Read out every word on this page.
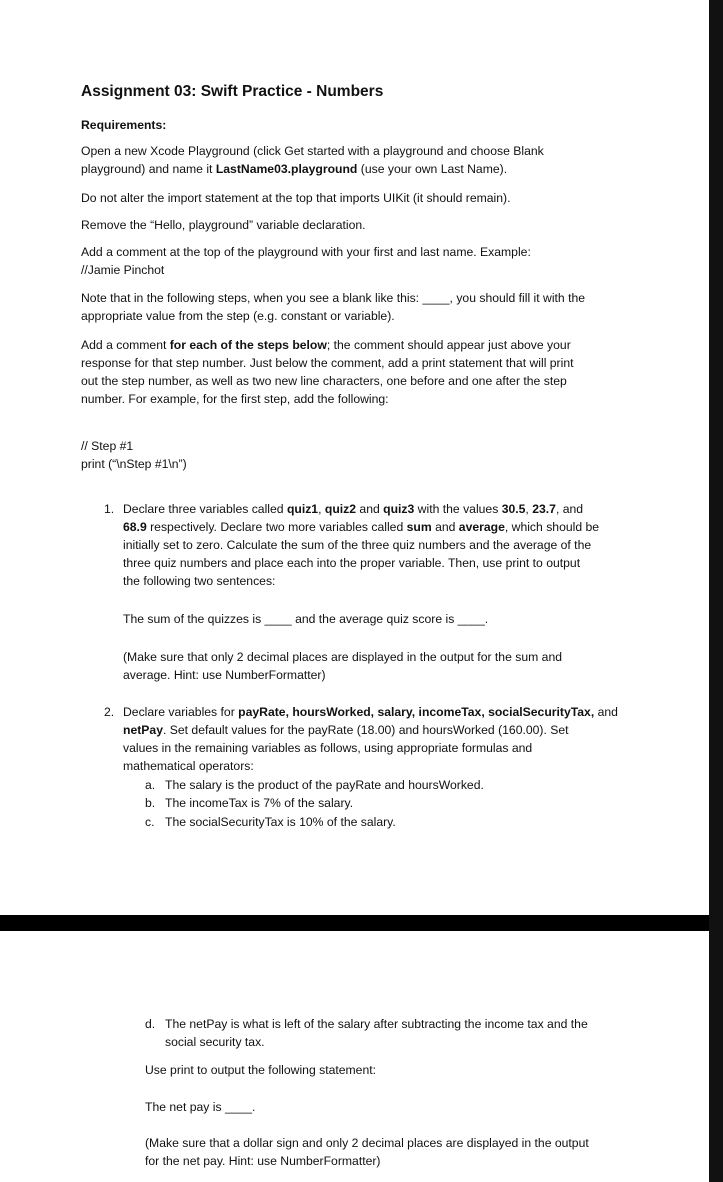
Assignment 03: Swift Practice - Numbers
Requirements:
Open a new Xcode Playground (click Get started with a playground and choose Blank
playground) and name it LastName03.playground (use your own Last Name).
Do not alter the import statement at the top that imports UIKit (it should remain).
Remove the “Hello, playground” variable declaration.
Add a comment at the top of the playground with your first and last name. Example:
//Jamie Pinchot
Note that in the following steps, when you see a blank like this: ____, you should fill it with the
appropriate value from the step (e.g. constant or variable).
Add a comment for each of the steps below; the comment should appear just above your
response for that step number. Just below the comment, add a print statement that will print
out the step number, as well as two new line characters, one before and one after the step
number. For example, for the first step, add the following:
// Step #1
print (“\nStep #1\n”)
1. Declare three variables called quiz1, quiz2 and quiz3 with the values 30.5, 23.7, and
68.9 respectively. Declare two more variables called sum and average, which should be
initially set to zero. Calculate the sum of the three quiz numbers and the average of the
three quiz numbers and place each into the proper variable. Then, use print to output
the following two sentences:
The sum of the quizzes is ____ and the average quiz score is ____.
(Make sure that only 2 decimal places are displayed in the output for the sum and
average. Hint: use NumberFormatter)
2. Declare variables for payRate, hoursWorked, salary, incomeTax, socialSecurityTax, and
netPay. Set default values for the payRate (18.00) and hoursWorked (160.00). Set
values in the remaining variables as follows, using appropriate formulas and
mathematical operators:
a. The salary is the product of the payRate and hoursWorked.
b. The incomeTax is 7% of the salary.
c. The socialSecurityTax is 10% of the salary.
d. The netPay is what is left of the salary after subtracting the income tax and the
social security tax.
Use print to output the following statement:
The net pay is ____.
(Make sure that a dollar sign and only 2 decimal places are displayed in the output
for the net pay. Hint: use NumberFormatter)
